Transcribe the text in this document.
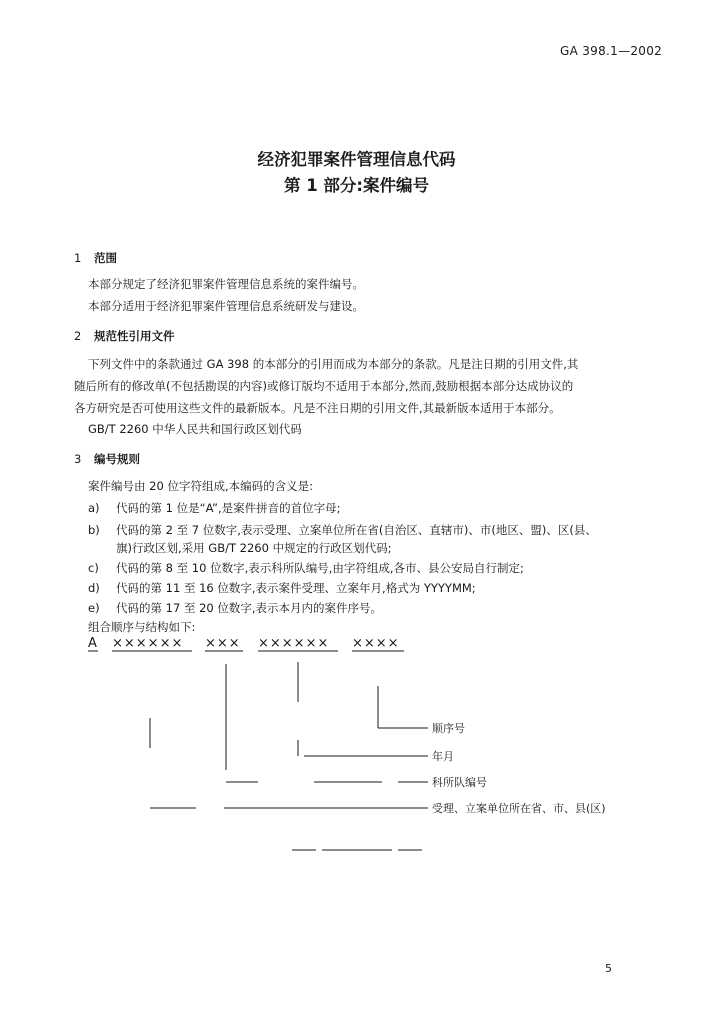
GA 398.1—2002
经济犯罪案件管理信息代码
第 1 部分:案件编号
1 范围
本部分规定了经济犯罪案件管理信息系统的案件编号。
本部分适用于经济犯罪案件管理信息系统研发与建设。
2 规范性引用文件
下列文件中的条款通过 GA 398 的本部分的引用而成为本部分的条款。凡是注日期的引用文件,其
随后所有的修改单(不包括勘误的内容)或修订版均不适用于本部分,然而,鼓励根据本部分达成协议的
各方研究是否可使用这些文件的最新版本。凡是不注日期的引用文件,其最新版本适用于本部分。
GB/T 2260 中华人民共和国行政区划代码
3 编号规则
案件编号由 20 位字符组成,本编码的含义是:
a) 代码的第 1 位是“A”,是案件拼音的首位字母;
b) 代码的第 2 至 7 位数字,表示受理、立案单位所在省(自治区、直辖市)、市(地区、盟)、区(县、
旗)行政区划,采用 GB/T 2260 中规定的行政区划代码;
c) 代码的第 8 至 10 位数字,表示科所队编号,由字符组成,各市、县公安局自行制定;
d) 代码的第 11 至 16 位数字,表示案件受理、立案年月,格式为 YYYYMM;
e) 代码的第 17 至 20 位数字,表示本月内的案件序号。
组合顺序与结构如下:
A ×××××× ××× ×××××× ××××
顺序号
年月
科所队编号
受理、立案单位所在省、市、县(区)
5
